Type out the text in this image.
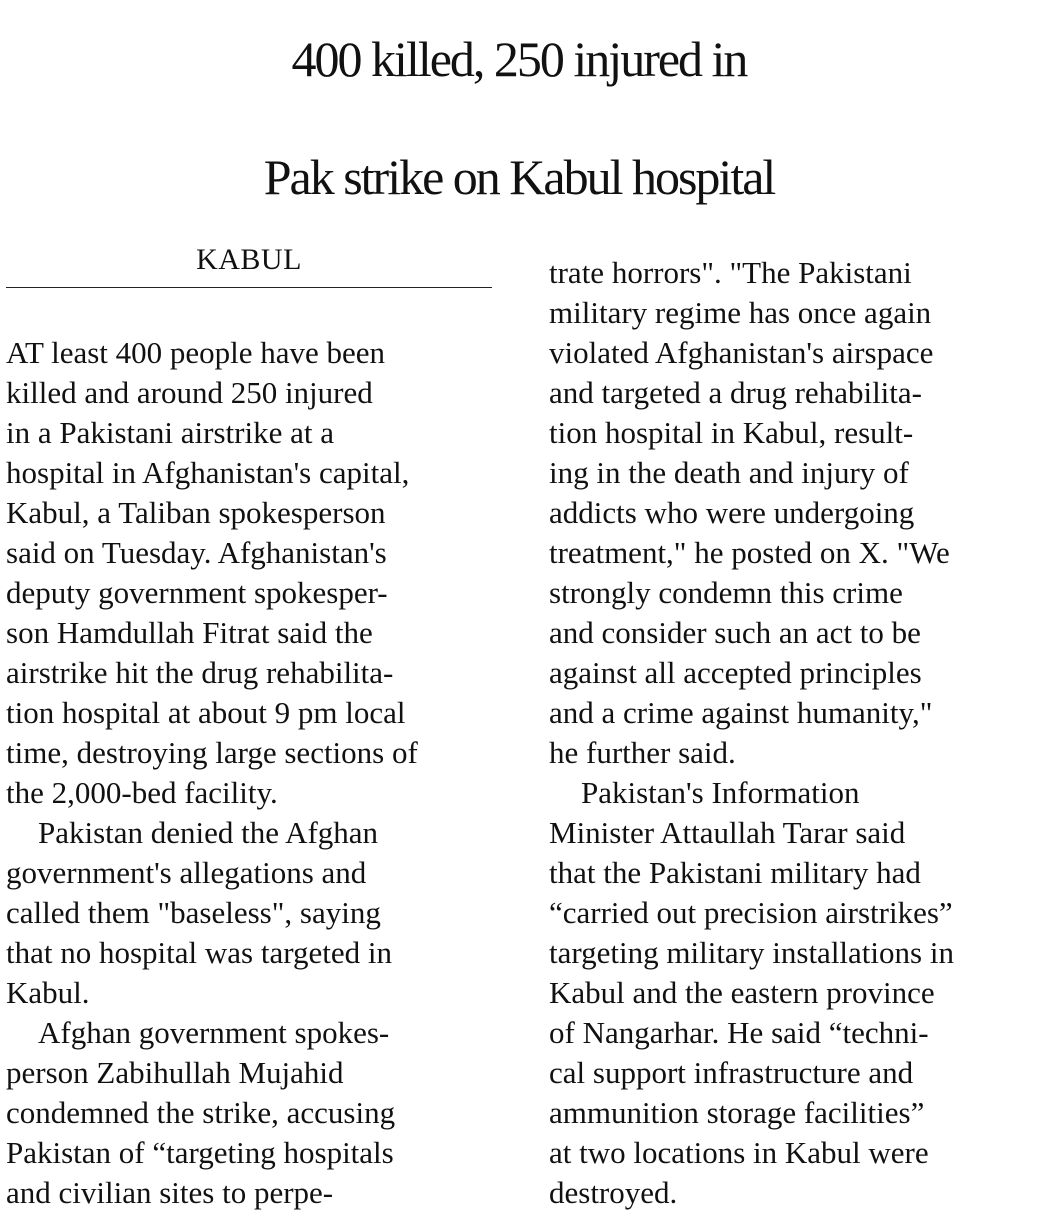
400 killed, 250 injured in
Pak strike on Kabul hospital
KABUL
AT least 400 people have been
killed and around 250 injured
in a Pakistani airstrike at a
hospital in Afghanistan's capital,
Kabul, a Taliban spokesperson
said on Tuesday. Afghanistan's
deputy government spokesper-
son Hamdullah Fitrat said the
airstrike hit the drug rehabilita-
tion hospital at about 9 pm local
time, destroying large sections of
the 2,000-bed facility.
Pakistan denied the Afghan
government's allegations and
called them "baseless", saying
that no hospital was targeted in
Kabul.
Afghan government spokes-
person Zabihullah Mujahid
condemned the strike, accusing
Pakistan of “targeting hospitals
and civilian sites to perpe-
trate horrors". "The Pakistani
military regime has once again
violated Afghanistan's airspace
and targeted a drug rehabilita-
tion hospital in Kabul, result-
ing in the death and injury of
addicts who were undergoing
treatment," he posted on X. "We
strongly condemn this crime
and consider such an act to be
against all accepted principles
and a crime against humanity,"
he further said.
Pakistan's Information
Minister Attaullah Tarar said
that the Pakistani military had
“carried out precision airstrikes”
targeting military installations in
Kabul and the eastern province
of Nangarhar. He said “techni-
cal support infrastructure and
ammunition storage facilities”
at two locations in Kabul were
destroyed.
